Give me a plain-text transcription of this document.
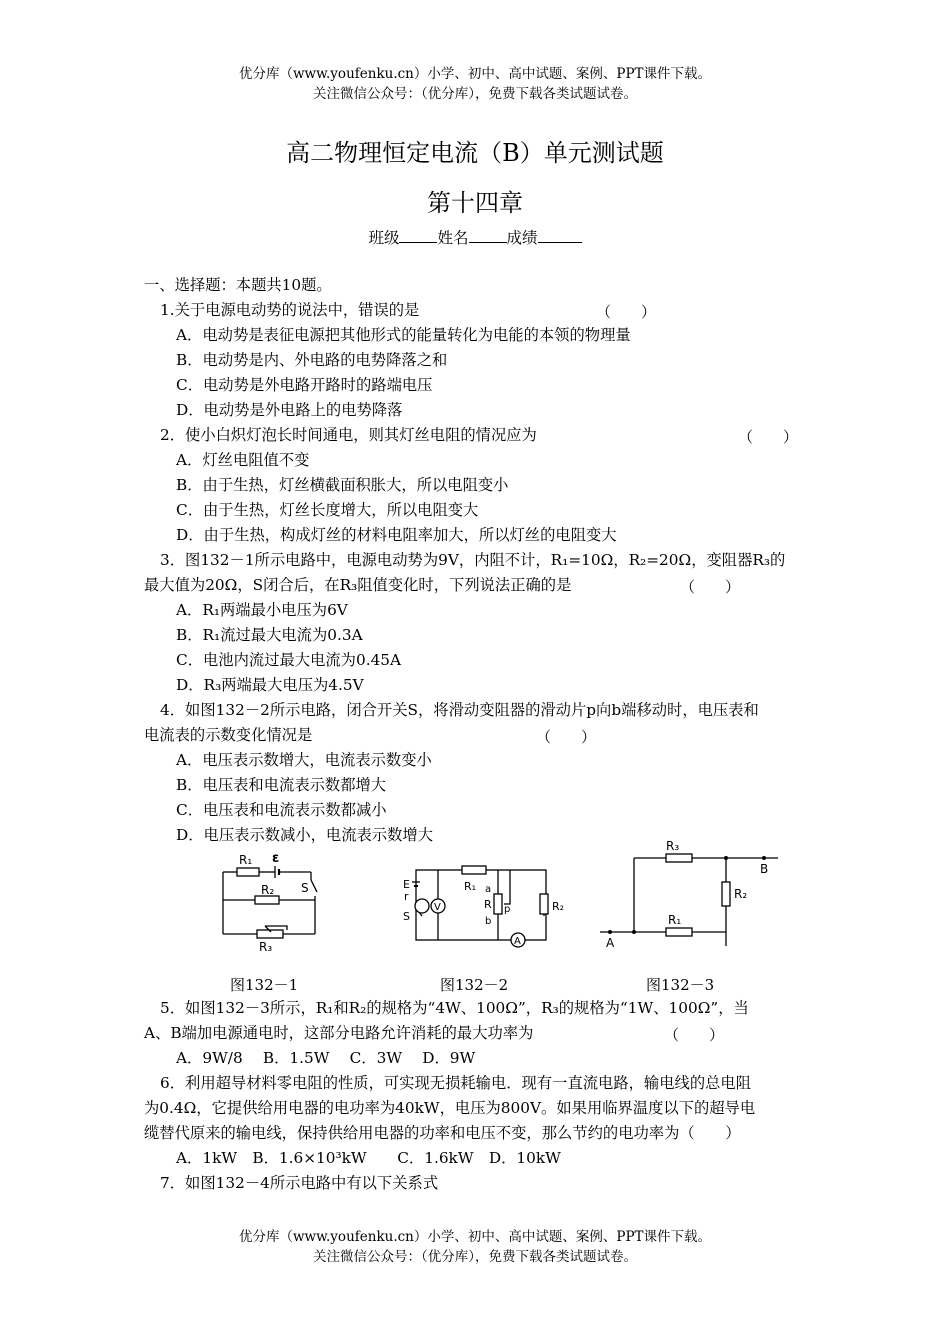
优分库（www.youfenku.cn）小学、初中、高中试题、案例、PPT课件下载。
关注微信公众号：（优分库），免费下载各类试题试卷。
高二物理恒定电流（B）单元测试题
第十四章
班级 姓名 成绩
一、选择题：本题共10题。
1.关于电源电动势的说法中，错误的是	（　　）
A．电动势是表征电源把其他形式的能量转化为电能的本领的物理量
B．电动势是内、外电路的电势降落之和
C．电动势是外电路开路时的路端电压
D．电动势是外电路上的电势降落
2．使小白炽灯泡长时间通电，则其灯丝电阻的情况应为	（　　）
A．灯丝电阻值不变
B．由于生热，灯丝横截面积胀大，所以电阻变小
C．由于生热，灯丝长度增大，所以电阻变大
D．由于生热，构成灯丝的材料电阻率加大，所以灯丝的电阻变大
3．图132－1所示电路中，电源电动势为9V，内阻不计，R₁=10Ω，R₂=20Ω，变阻器R₃的
最大值为20Ω，S闭合后，在R₃阻值变化时，下列说法正确的是	（　　）
A．R₁两端最小电压为6V
B．R₁流过最大电流为0.3A
C．电池内流过最大电流为0.45A
D．R₃两端最大电压为4.5V
4．如图132－2所示电路，闭合开关S，将滑动变阻器的滑动片p向b端移动时，电压表和
电流表的示数变化情况是	（　　）
A．电压表示数增大，电流表示数变小
B．电压表和电流表示数都增大
C．电压表和电流表示数都减小
D．电压表示数减小，电流表示数增大
R₁ ε
R₂ S
R₃
E
r
S
V
R₁ a
R
b
p
A
R₂
R₃
B
R₂
R₁
A
图132－1	图132－2	图132－3
5．如图132－3所示，R₁和R₂的规格为“4W、100Ω”，R₃的规格为“1W、100Ω”，当
A、B端加电源通电时，这部分电路允许消耗的最大功率为	（　　）
A．9W/8　 B．1.5W　 C．3W　 D．9W
6．利用超导材料零电阻的性质，可实现无损耗输电．现有一直流电路，输电线的总电阻
为0.4Ω，它提供给用电器的电功率为40kW，电压为800V。如果用临界温度以下的超导电
缆替代原来的输电线，保持供给用电器的功率和电压不变，那么节约的电功率为（　　）
A．1kW　B．1.6×10³kW　　C．1.6kW　D．10kW
7．如图132－4所示电路中有以下关系式
优分库（www.youfenku.cn）小学、初中、高中试题、案例、PPT课件下载。
关注微信公众号：（优分库），免费下载各类试题试卷。
